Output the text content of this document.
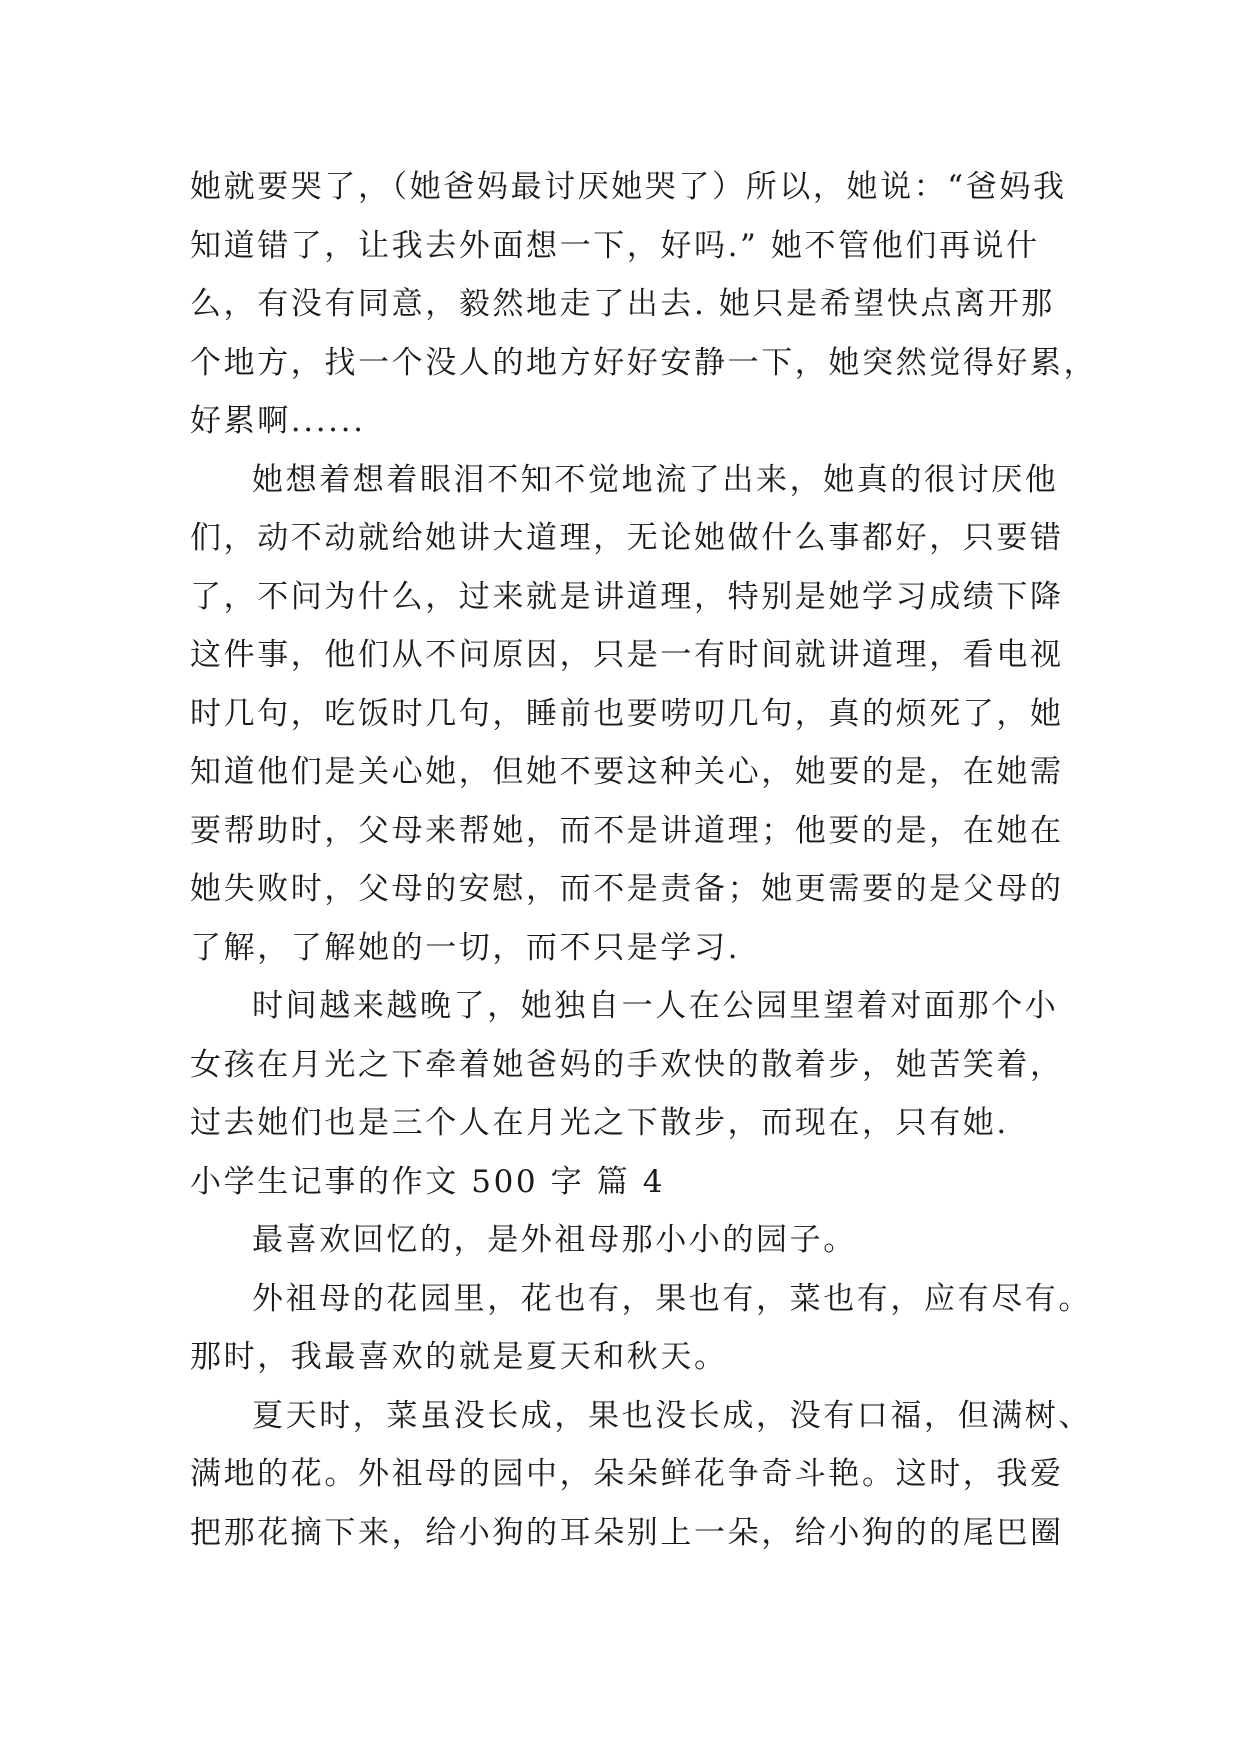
她就要哭了，（她爸妈最讨厌她哭了）所以，她说：“爸妈我
知道错了，让我去外面想一下，好吗.” 她不管他们再说什
么，有没有同意，毅然地走了出去. 她只是希望快点离开那
个地方，找一个没人的地方好好安静一下，她突然觉得好累，
好累啊......
她想着想着眼泪不知不觉地流了出来，她真的很讨厌他
们，动不动就给她讲大道理，无论她做什么事都好，只要错
了，不问为什么，过来就是讲道理，特别是她学习成绩下降
这件事，他们从不问原因，只是一有时间就讲道理，看电视
时几句，吃饭时几句，睡前也要唠叨几句，真的烦死了，她
知道他们是关心她，但她不要这种关心，她要的是，在她需
要帮助时，父母来帮她，而不是讲道理；他要的是，在她在
她失败时，父母的安慰，而不是责备；她更需要的是父母的
了解，了解她的一切，而不只是学习.
时间越来越晚了，她独自一人在公园里望着对面那个小
女孩在月光之下牵着她爸妈的手欢快的散着步，她苦笑着，
过去她们也是三个人在月光之下散步，而现在，只有她.
小学生记事的作文 500 字 篇 4
最喜欢回忆的，是外祖母那小小的园子。
外祖母的花园里，花也有，果也有，菜也有，应有尽有。
那时，我最喜欢的就是夏天和秋天。
夏天时，菜虽没长成，果也没长成，没有口福，但满树、
满地的花。外祖母的园中，朵朵鲜花争奇斗艳。这时，我爱
把那花摘下来，给小狗的耳朵别上一朵，给小狗的的尾巴圈
